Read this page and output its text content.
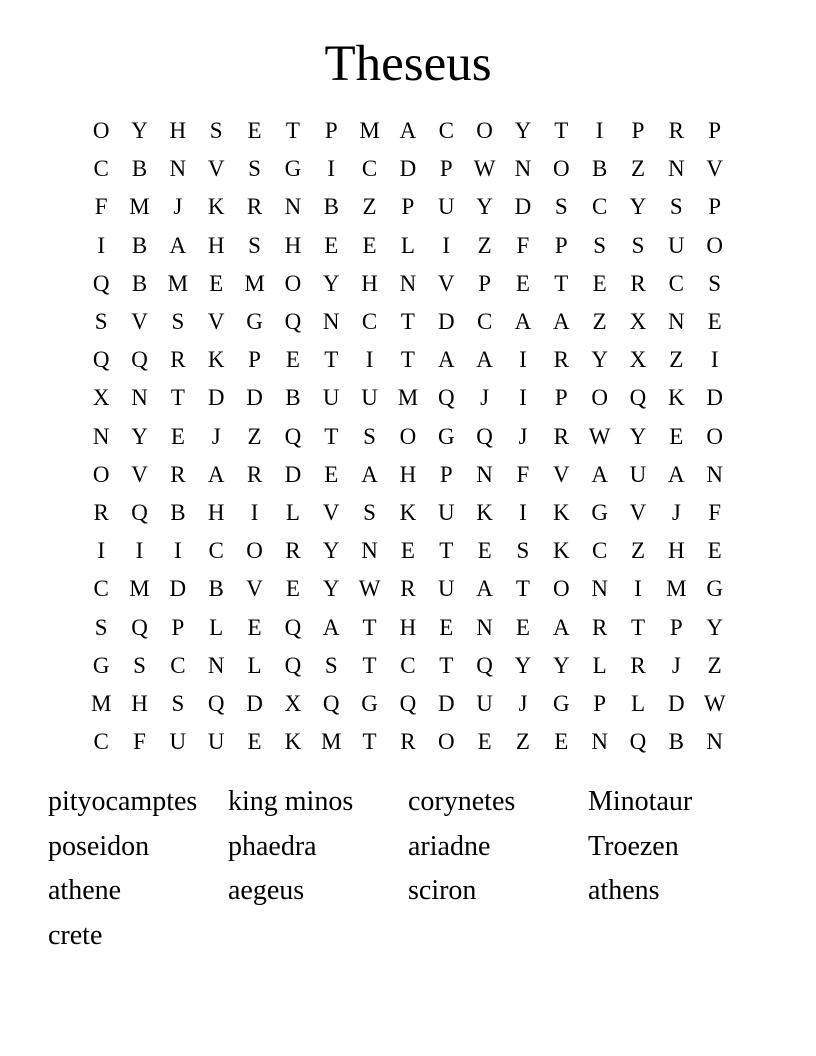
Theseus
O Y H	S	E	T	P M A C O Y	T	I	P	R	P
C	B N V	S	G	I	C D	P W N O B	Z	N V
F M	J	K R N B	Z	P	U Y D	S	C Y	S	P
I	B A H	S	H	E	E	L	I	Z	F	P	S	S	U O
Q B M E M O Y H N V	P	E	T	E	R	C	S
S	V	S	V G Q N C	T	D C A A	Z	X N	E
Q Q R K	P	E	T	I	T	A A	I	R Y X	Z	I
X N	T	D D B U U M Q	J	I	P	O Q K D
N Y	E	J	Z	Q	T	S	O G Q	J	R W Y	E	O
O V R A R D	E	A H	P	N	F	V A U A N
R Q B H	I	L	V	S	K U K	I	K G V	J	F
I	I	I	C O R Y N	E	T	E	S	K C	Z	H	E
C M D B V	E	Y W R U A	T	O N	I	M G
S	Q	P	L	E	Q A	T	H	E	N	E	A R	T	P	Y
G	S	C N	L	Q	S	T	C	T	Q Y Y	L	R	J	Z
M H	S	Q D X Q G Q D U	J	G	P	L	D W
C	F	U U	E	K M T	R O	E	Z	E	N Q B N
pityocamptes	king minos	corynetes	Minotaur
poseidon	phaedra	ariadne	Troezen
athene	aegeus	sciron	athens
crete
